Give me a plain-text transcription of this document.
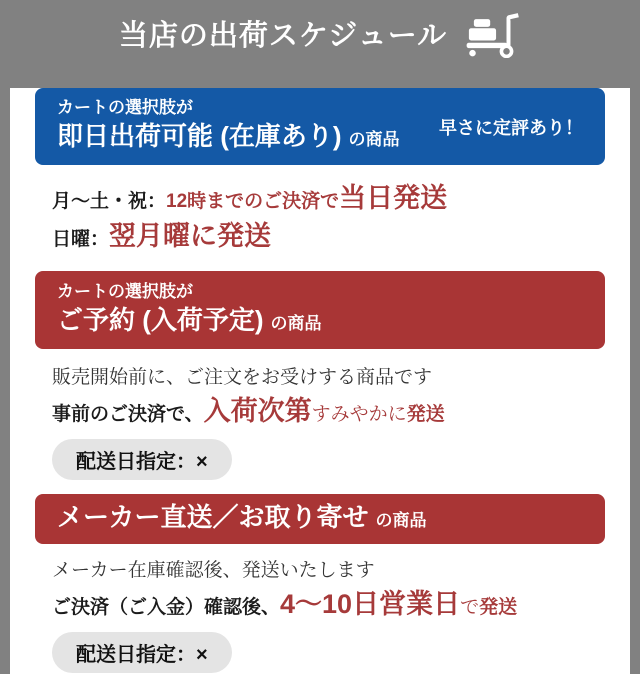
当店の出荷スケジュール
カートの選択肢が
即日出荷可能 (在庫あり) の商品
早さに定評あり！

月〜土・祝：12時までのご決済で当日発送

日曜：翌月曜に発送

カートの選択肢が
ご予約 (入荷予定) の商品

販売開始前に、ご注文をお受けする商品です

事前のご決済で、入荷次第すみやかに発送

配送日指定：×
メーカー直送／お取り寄せ の商品

メーカー在庫確認後、発送いたします

ご決済（ご入金）確認後、4〜10日営業日で発送

配送日指定：×
